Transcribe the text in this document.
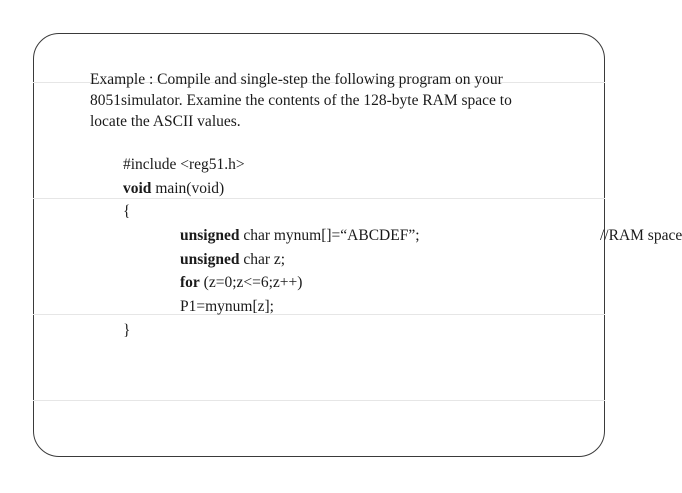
Example : Compile and single-step the following program on your
8051simulator. Examine the contents of the 128-byte RAM space to
locate the ASCII values.

#include <reg51.h>
void main(void)
{
unsigned char mynum[]=“ABCDEF”;	//RAM space
unsigned char z;
for (z=0;z<=6;z++)
P1=mynum[z];
}
